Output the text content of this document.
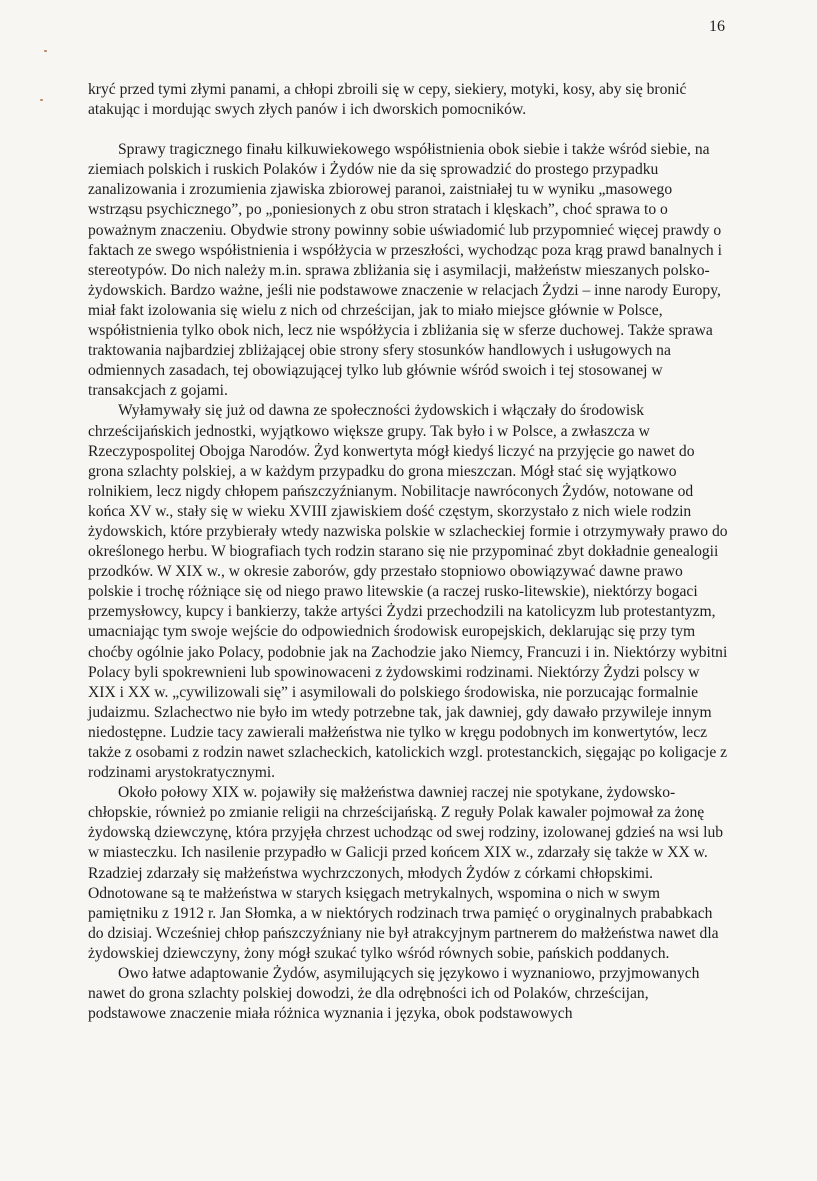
16

kryć przed tymi złymi panami, a chłopi zbroili się w cepy, siekiery, motyki, kosy, aby się bronić atakując i mordując swych złych panów i ich dworskich pomocników.

Sprawy tragicznego finału kilkuwiekowego współistnienia obok siebie i także wśród siebie, na ziemiach polskich i ruskich Polaków i Żydów nie da się sprowadzić do prostego przypadku zanalizowania i zrozumienia zjawiska zbiorowej paranoi, zaistniałej tu w wyniku „masowego wstrząsu psychicznego”, po „poniesionych z obu stron stratach i klęskach”, choć sprawa to o poważnym znaczeniu. Obydwie strony powinny sobie uświadomić lub przypomnieć więcej prawdy o faktach ze swego współistnienia i współżycia w przeszłości, wychodząc poza krąg prawd banalnych i stereotypów. Do nich należy m.in. sprawa zbliżania się i asymilacji, małżeństw mieszanych polsko-żydowskich. Bardzo ważne, jeśli nie podstawowe znaczenie w relacjach Żydzi – inne narody Europy, miał fakt izolowania się wielu z nich od chrześcijan, jak to miało miejsce głównie w Polsce, współistnienia tylko obok nich, lecz nie współżycia i zbliżania się w sferze duchowej. Także sprawa traktowania najbardziej zbliżającej obie strony sfery stosunków handlowych i usługowych na odmiennych zasadach, tej obowiązującej tylko lub głównie wśród swoich i tej stosowanej w transakcjach z gojami.

Wyłamywały się już od dawna ze społeczności żydowskich i włączały do środowisk chrześcijańskich jednostki, wyjątkowo większe grupy. Tak było i w Polsce, a zwłaszcza w Rzeczypospolitej Obojga Narodów. Żyd konwertyta mógł kiedyś liczyć na przyjęcie go nawet do grona szlachty polskiej, a w każdym przypadku do grona mieszczan. Mógł stać się wyjątkowo rolnikiem, lecz nigdy chłopem pańszczyźnianym. Nobilitacje nawróconych Żydów, notowane od końca XV w., stały się w wieku XVIII zjawiskiem dość częstym, skorzystało z nich wiele rodzin żydowskich, które przybierały wtedy nazwiska polskie w szlacheckiej formie i otrzymywały prawo do określonego herbu. W biografiach tych rodzin starano się nie przypominać zbyt dokładnie genealogii przodków. W XIX w., w okresie zaborów, gdy przestało stopniowo obowiązywać dawne prawo polskie i trochę różniące się od niego prawo litewskie (a raczej rusko-litewskie), niektórzy bogaci przemysłowcy, kupcy i bankierzy, także artyści Żydzi przechodzili na katolicyzm lub protestantyzm, umacniając tym swoje wejście do odpowiednich środowisk europejskich, deklarując się przy tym choćby ogólnie jako Polacy, podobnie jak na Zachodzie jako Niemcy, Francuzi i in. Niektórzy wybitni Polacy byli spokrewnieni lub spowinowaceni z żydowskimi rodzinami. Niektórzy Żydzi polscy w XIX i XX w. „cywilizowali się” i asymilowali do polskiego środowiska, nie porzucając formalnie judaizmu. Szlachectwo nie było im wtedy potrzebne tak, jak dawniej, gdy dawało przywileje innym niedostępne. Ludzie tacy zawierali małżeństwa nie tylko w kręgu podobnych im konwertytów, lecz także z osobami z rodzin nawet szlacheckich, katolickich wzgl. protestanckich, sięgając po koligacje z rodzinami arystokratycznymi.

Około połowy XIX w. pojawiły się małżeństwa dawniej raczej nie spotykane, żydowsko-chłopskie, również po zmianie religii na chrześcijańską. Z reguły Polak kawaler pojmował za żonę żydowską dziewczynę, która przyjęła chrzest uchodząc od swej rodziny, izolowanej gdzieś na wsi lub w miasteczku. Ich nasilenie przypadło w Galicji przed końcem XIX w., zdarzały się także w XX w. Rzadziej zdarzały się małżeństwa wychrzczonych, młodych Żydów z córkami chłopskimi. Odnotowane są te małżeństwa w starych księgach metrykalnych, wspomina o nich w swym pamiętniku z 1912 r. Jan Słomka, a w niektórych rodzinach trwa pamięć o oryginalnych prababkach do dzisiaj. Wcześniej chłop pańszczyźniany nie był atrakcyjnym partnerem do małżeństwa nawet dla żydowskiej dziewczyny, żony mógł szukać tylko wśród równych sobie, pańskich poddanych.

Owo łatwe adaptowanie Żydów, asymilujących się językowo i wyznaniowo, przyjmowanych nawet do grona szlachty polskiej dowodzi, że dla odrębności ich od Polaków, chrześcijan, podstawowe znaczenie miała różnica wyznania i języka, obok podstawowych
